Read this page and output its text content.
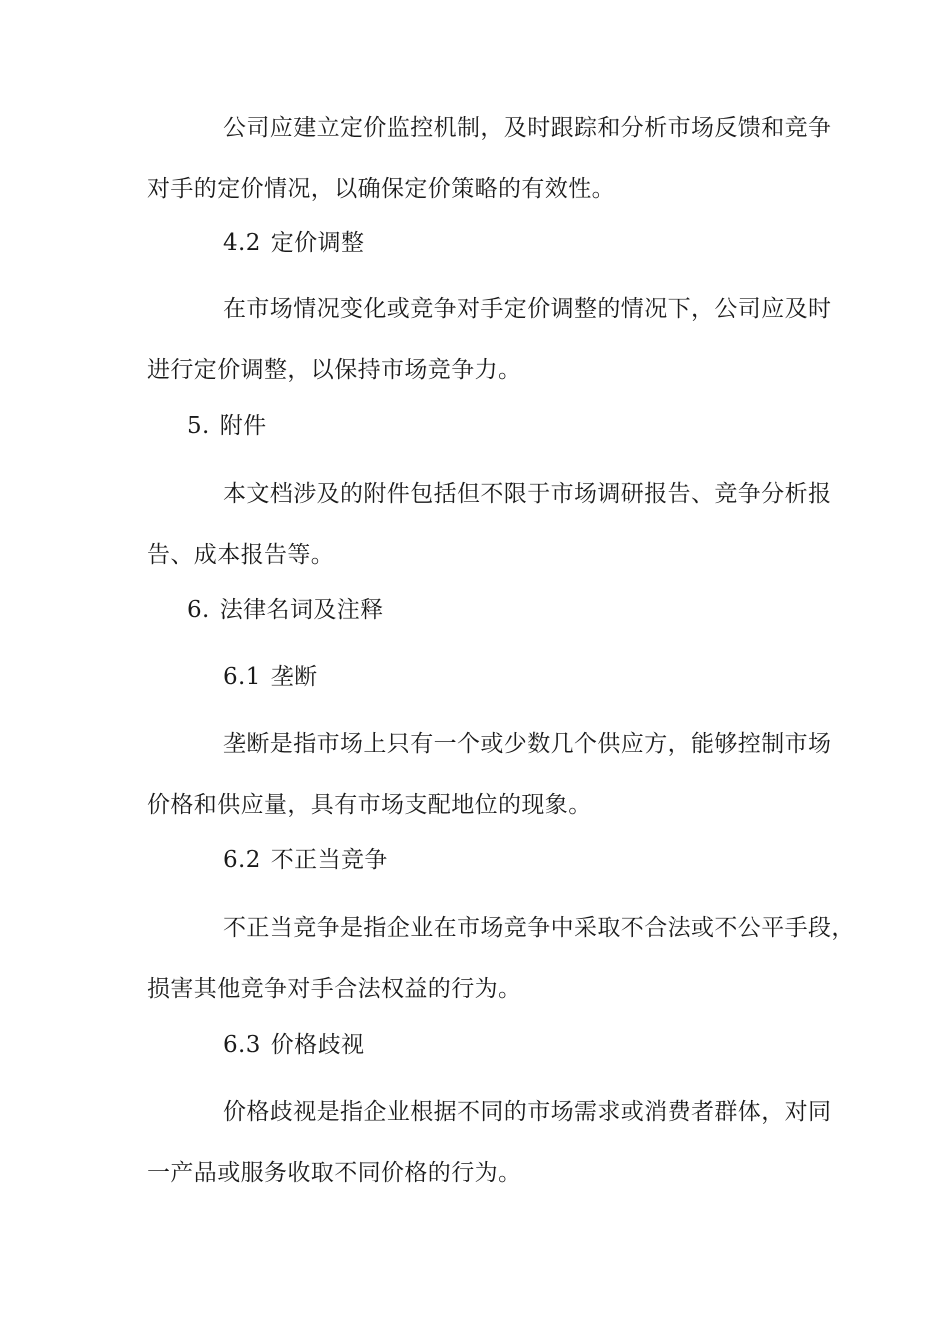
公司应建立定价监控机制，及时跟踪和分析市场反馈和竞争
对手的定价情况，以确保定价策略的有效性。
4.2 定价调整
在市场情况变化或竞争对手定价调整的情况下，公司应及时
进行定价调整，以保持市场竞争力。
5. 附件
本文档涉及的附件包括但不限于市场调研报告、竞争分析报
告、成本报告等。
6. 法律名词及注释
6.1 垄断
垄断是指市场上只有一个或少数几个供应方，能够控制市场
价格和供应量，具有市场支配地位的现象。
6.2 不正当竞争
不正当竞争是指企业在市场竞争中采取不合法或不公平手段，
损害其他竞争对手合法权益的行为。
6.3 价格歧视
价格歧视是指企业根据不同的市场需求或消费者群体，对同
一产品或服务收取不同价格的行为。
